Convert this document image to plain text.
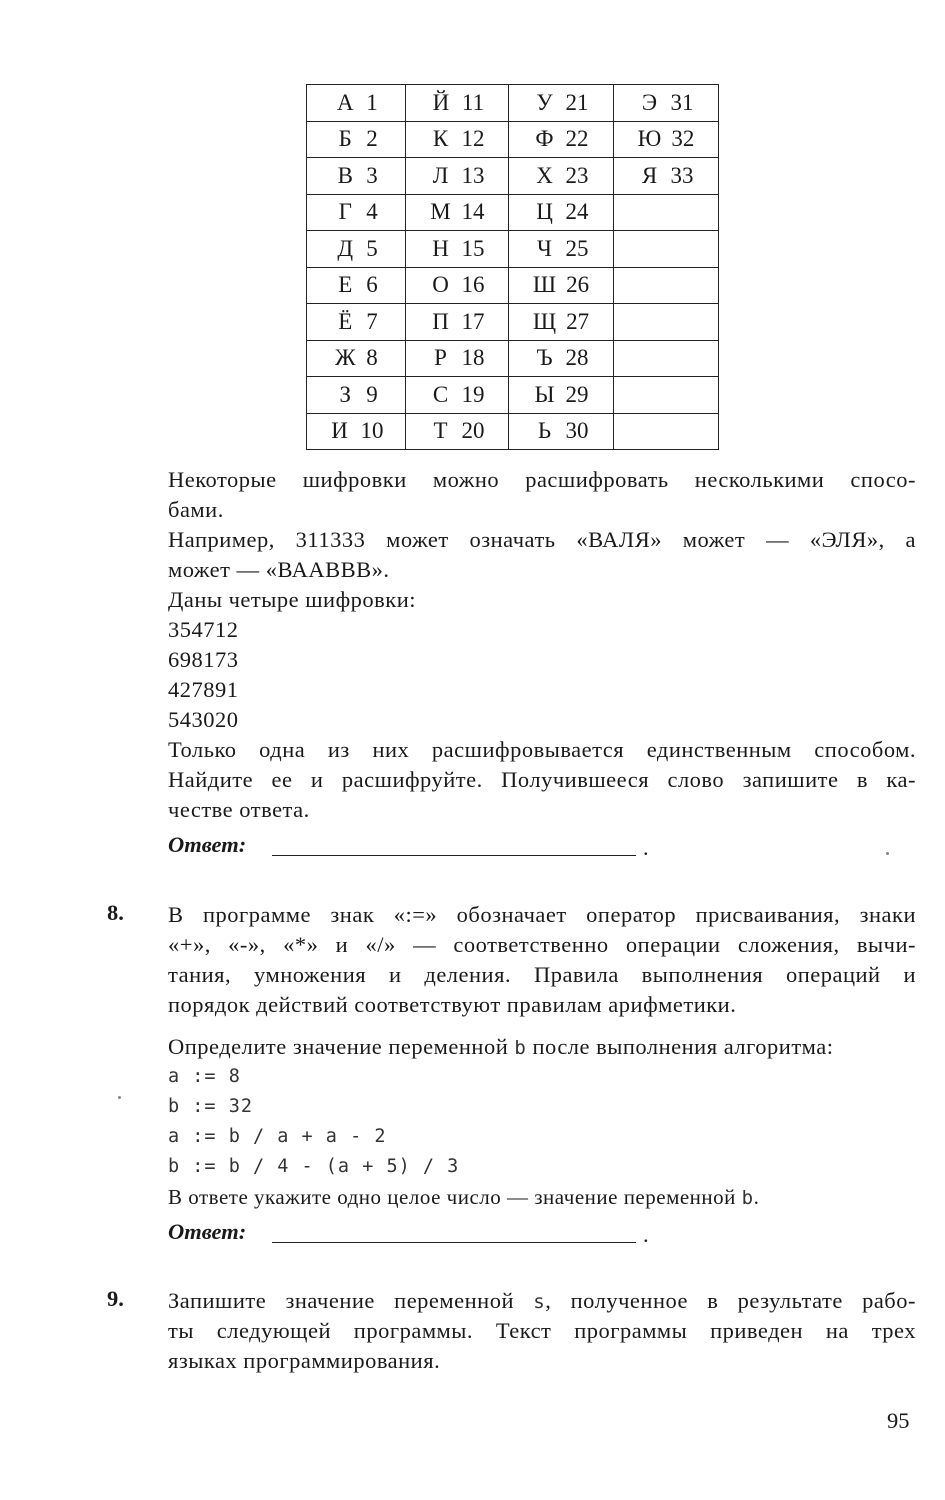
А 1	Й 11	У 21	Э 31
Б 2	К 12	Ф 22	Ю 32
В 3	Л 13	Х 23	Я 33
Г 4	М 14	Ц 24	
Д 5	Н 15	Ч 25	
Е 6	О 16	Ш 26	
Ё 7	П 17	Щ 27	
Ж 8	Р 18	Ъ 28	
З 9	С 19	Ы 29	
И 10	Т 20	Ь 30	
Некоторые шифровки можно расшифровать несколькими спосо-
бами.
Например, 311333 может означать «ВАЛЯ» может — «ЭЛЯ», а
может — «ВААВВВ».
Даны четыре шифровки:
354712
698173
427891
543020
Только одна из них расшифровывается единственным способом.
Найдите ее и расшифруйте. Получившееся слово запишите в ка-
честве ответа.
Ответ:	.
8. В программе знак «:=» обозначает оператор присваивания, знаки
«+», «-», «*» и «/» — соответственно операции сложения, вычи-
тания, умножения и деления. Правила выполнения операций и
порядок действий соответствуют правилам арифметики.
Определите значение переменной b после выполнения алгоритма:
a := 8
b := 32
a := b / a + a - 2
b := b / 4 - (a + 5) / 3
В ответе укажите одно целое число — значение переменной b.
Ответ:	.
9. Запишите значение переменной s, полученное в результате рабо-
ты следующей программы. Текст программы приведен на трех
языках программирования.
95
